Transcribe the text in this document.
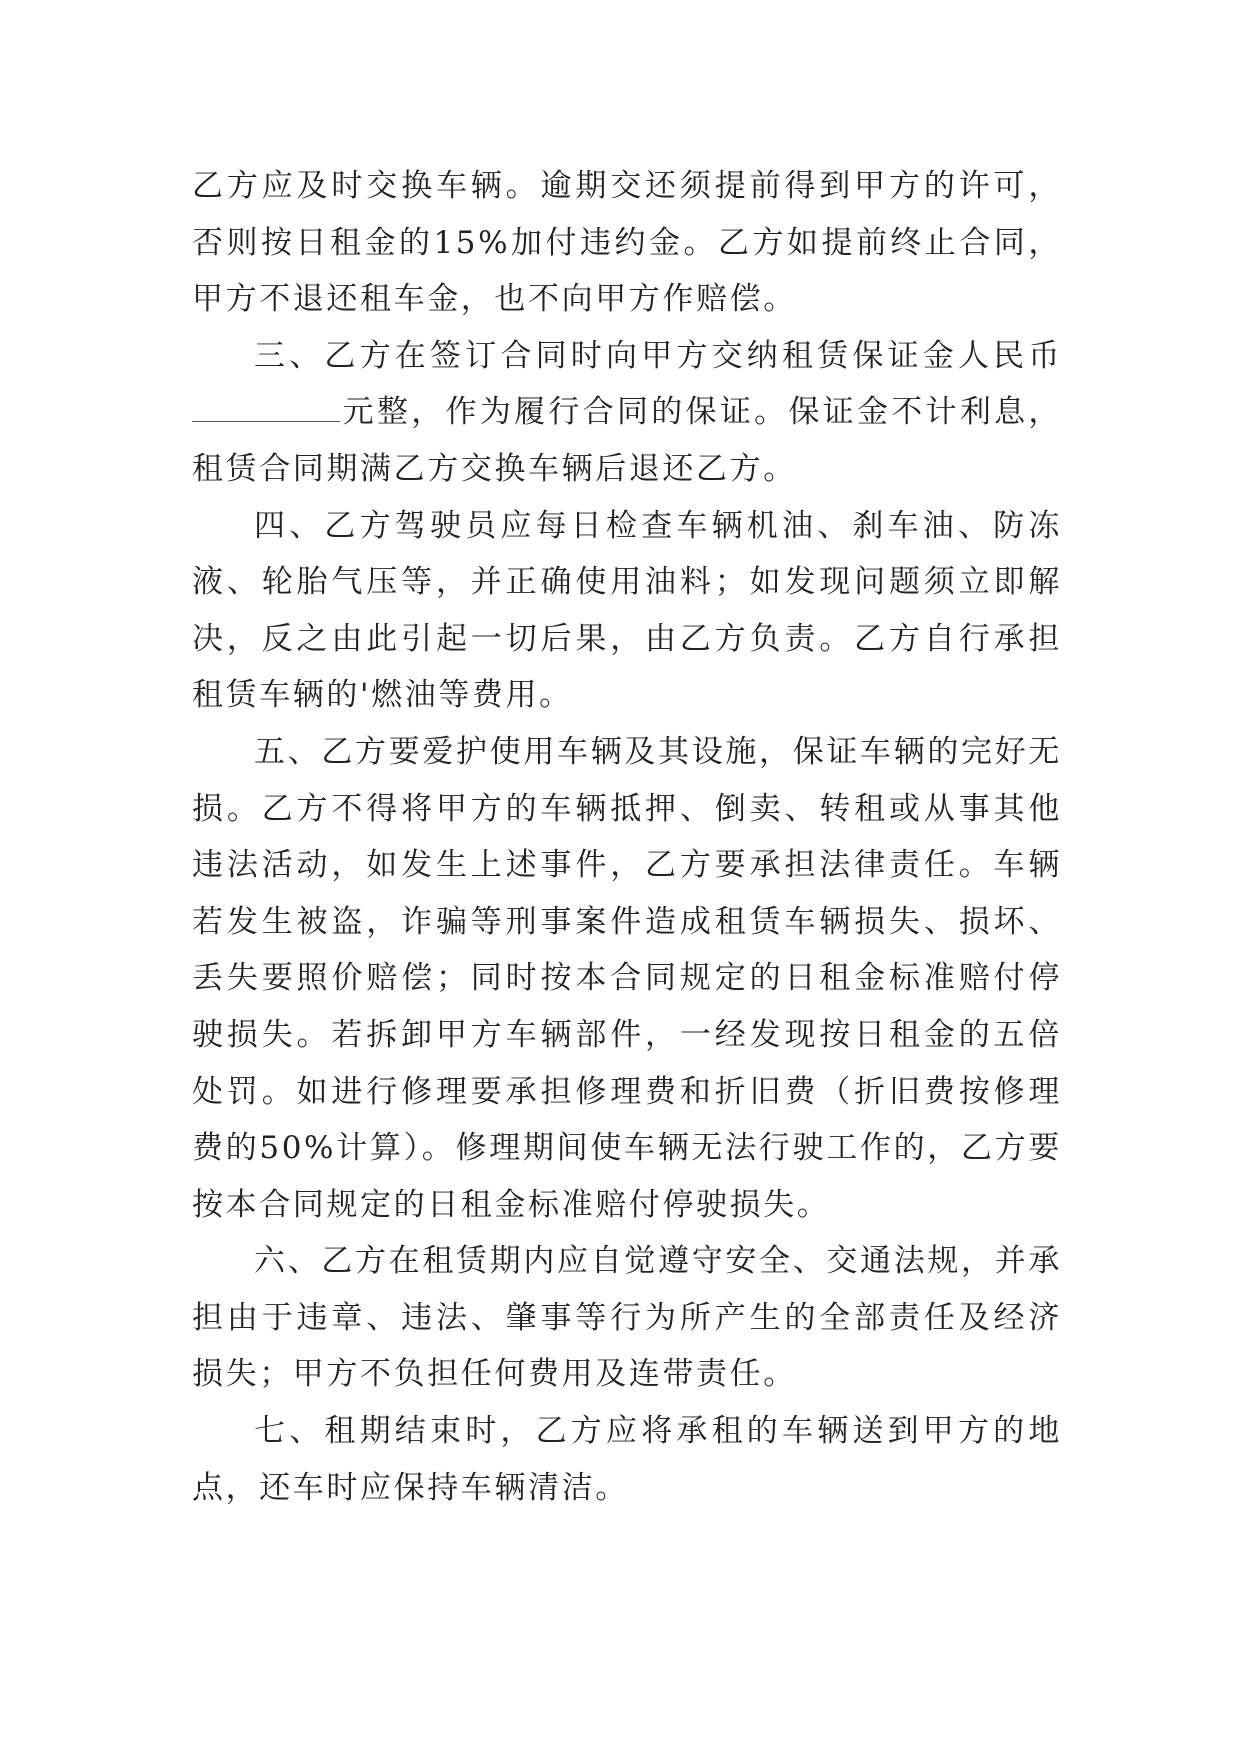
乙方应及时交换车辆。逾期交还须提前得到甲方的许可，否则按日租金的15%加付违约金。乙方如提前终止合同，甲方不退还租车金，也不向甲方作赔偿。

三、乙方在签订合同时向甲方交纳租赁保证金人民币元整，作为履行合同的保证。保证金不计利息，租赁合同期满乙方交换车辆后退还乙方。

四、乙方驾驶员应每日检查车辆机油、刹车油、防冻液、轮胎气压等，并正确使用油料；如发现问题须立即解决，反之由此引起一切后果，由乙方负责。乙方自行承担租赁车辆的'燃油等费用。

五、乙方要爱护使用车辆及其设施，保证车辆的完好无损。乙方不得将甲方的车辆抵押、倒卖、转租或从事其他违法活动，如发生上述事件，乙方要承担法律责任。车辆若发生被盗，诈骗等刑事案件造成租赁车辆损失、损坏、丢失要照价赔偿；同时按本合同规定的日租金标准赔付停驶损失。若拆卸甲方车辆部件，一经发现按日租金的五倍处罚。如进行修理要承担修理费和折旧费（折旧费按修理费的50%计算）。修理期间使车辆无法行驶工作的，乙方要按本合同规定的日租金标准赔付停驶损失。

六、乙方在租赁期内应自觉遵守安全、交通法规，并承担由于违章、违法、肇事等行为所产生的全部责任及经济损失；甲方不负担任何费用及连带责任。

七、租期结束时，乙方应将承租的车辆送到甲方的地点，还车时应保持车辆清洁。
